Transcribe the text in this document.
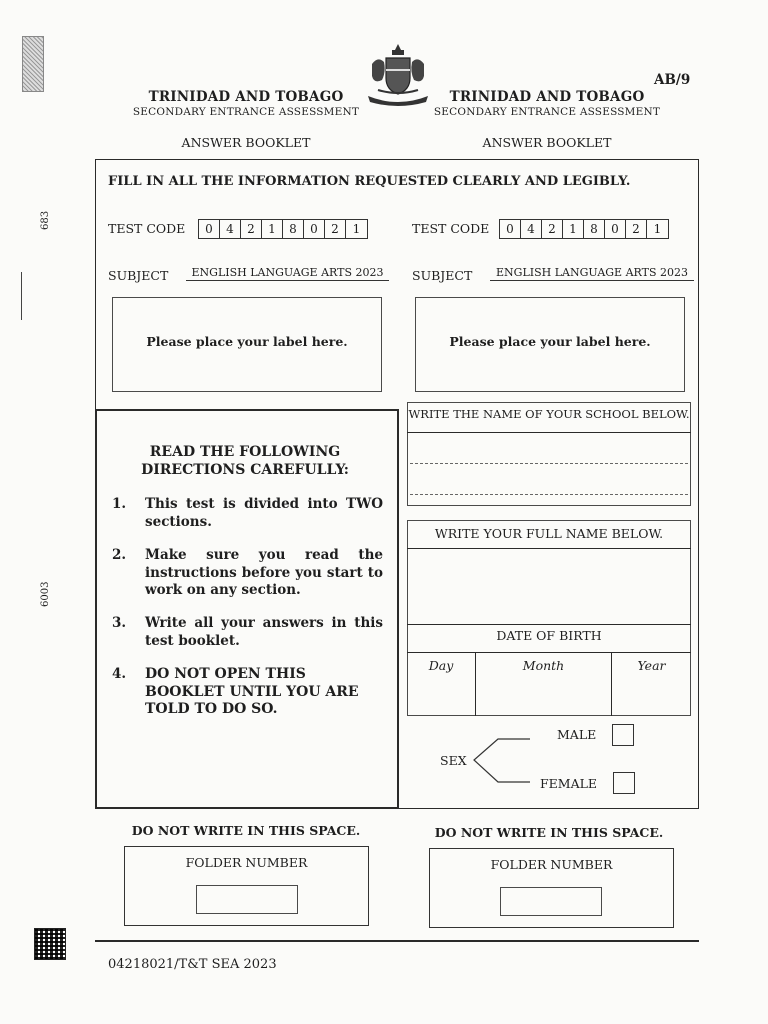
683
6003
AB/9
TRINIDAD AND TOBAGO
SECONDARY ENTRANCE ASSESSMENT
ANSWER BOOKLET
TRINIDAD AND TOBAGO
SECONDARY ENTRANCE ASSESSMENT
ANSWER BOOKLET
FILL IN ALL THE INFORMATION REQUESTED CLEARLY AND LEGIBLY.
TEST CODE	0	4	2	1	8	0	2	1	TEST CODE	0	4	2	1	8	0	2	1
SUBJECT	ENGLISH LANGUAGE ARTS 2023	SUBJECT	ENGLISH LANGUAGE ARTS 2023
Please place your label here.	Please place your label here.
READ THE FOLLOWING DIRECTIONS CAREFULLY:
1. This test is divided into TWO sections.
2. Make sure you read the instructions before you start to work on any section.
3. Write all your answers in this test booklet.
4. DO NOT OPEN THIS BOOKLET UNTIL YOU ARE TOLD TO DO SO.
WRITE THE NAME OF YOUR SCHOOL BELOW.
WRITE YOUR FULL NAME BELOW.
DATE OF BIRTH
Day	Month	Year
SEX
MALE
FEMALE
DO NOT WRITE IN THIS SPACE.
FOLDER NUMBER
DO NOT WRITE IN THIS SPACE.
FOLDER NUMBER
04218021/T&T SEA 2023
